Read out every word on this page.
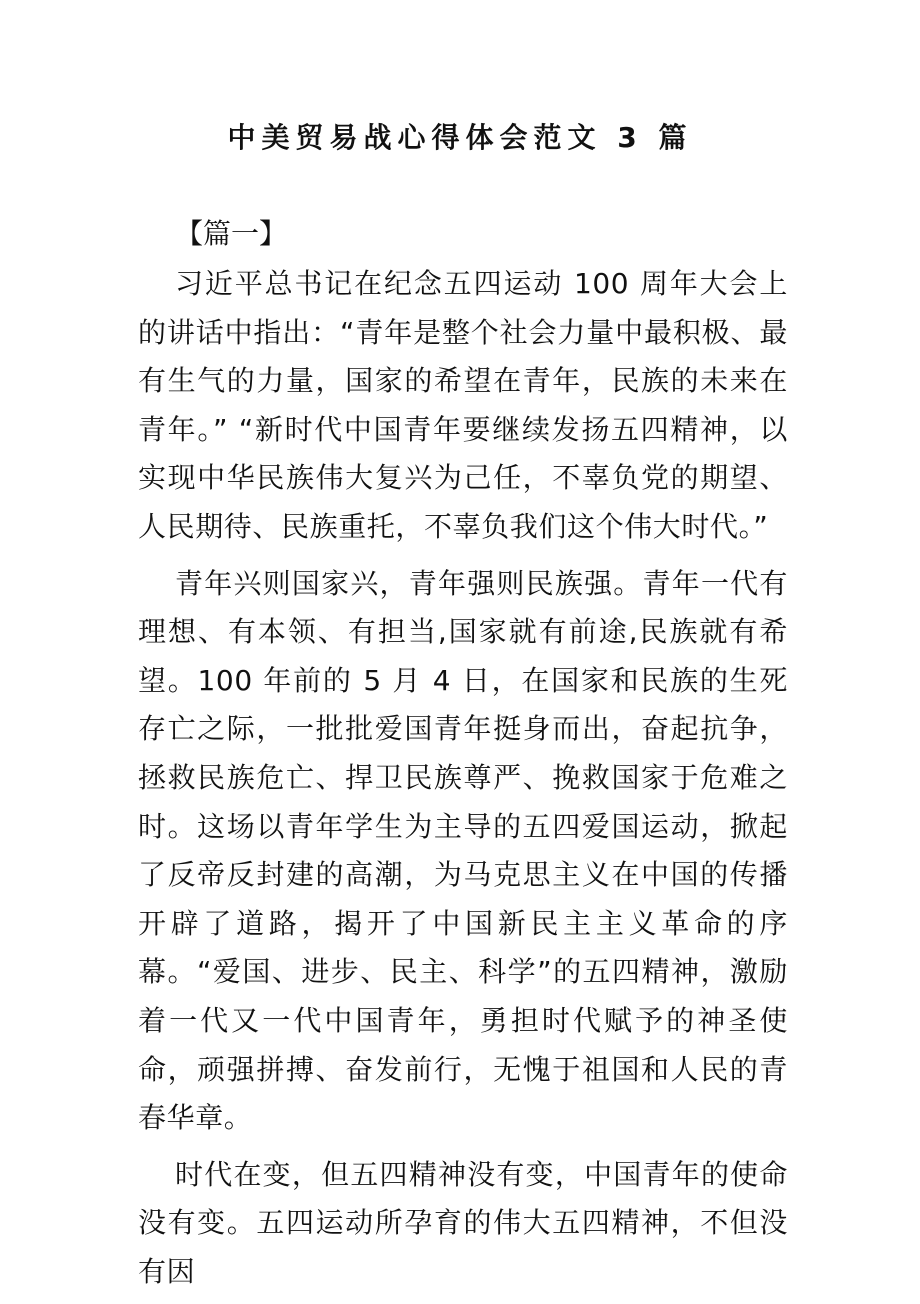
中美贸易战心得体会范文 3 篇
【篇一】

习近平总书记在纪念五四运动 100 周年大会上的讲话中指出：“青年是整个社会力量中最积极、最有生气的力量，国家的希望在青年，民族的未来在青年。” “新时代中国青年要继续发扬五四精神，以实现中华民族伟大复兴为己任，不辜负党的期望、人民期待、民族重托，不辜负我们这个伟大时代。”

青年兴则国家兴，青年强则民族强。青年一代有理想、有本领、有担当,国家就有前途,民族就有希望。100 年前的 5 月 4 日，在国家和民族的生死存亡之际，一批批爱国青年挺身而出，奋起抗争，拯救民族危亡、捍卫民族尊严、挽救国家于危难之时。这场以青年学生为主导的五四爱国运动，掀起了反帝反封建的高潮，为马克思主义在中国的传播开辟了道路，揭开了中国新民主主义革命的序幕。“爱国、进步、民主、科学”的五四精神，激励着一代又一代中国青年，勇担时代赋予的神圣使命，顽强拼搏、奋发前行，无愧于祖国和人民的青春华章。

时代在变，但五四精神没有变，中国青年的使命没有变。五四运动所孕育的伟大五四精神，不但没有因
